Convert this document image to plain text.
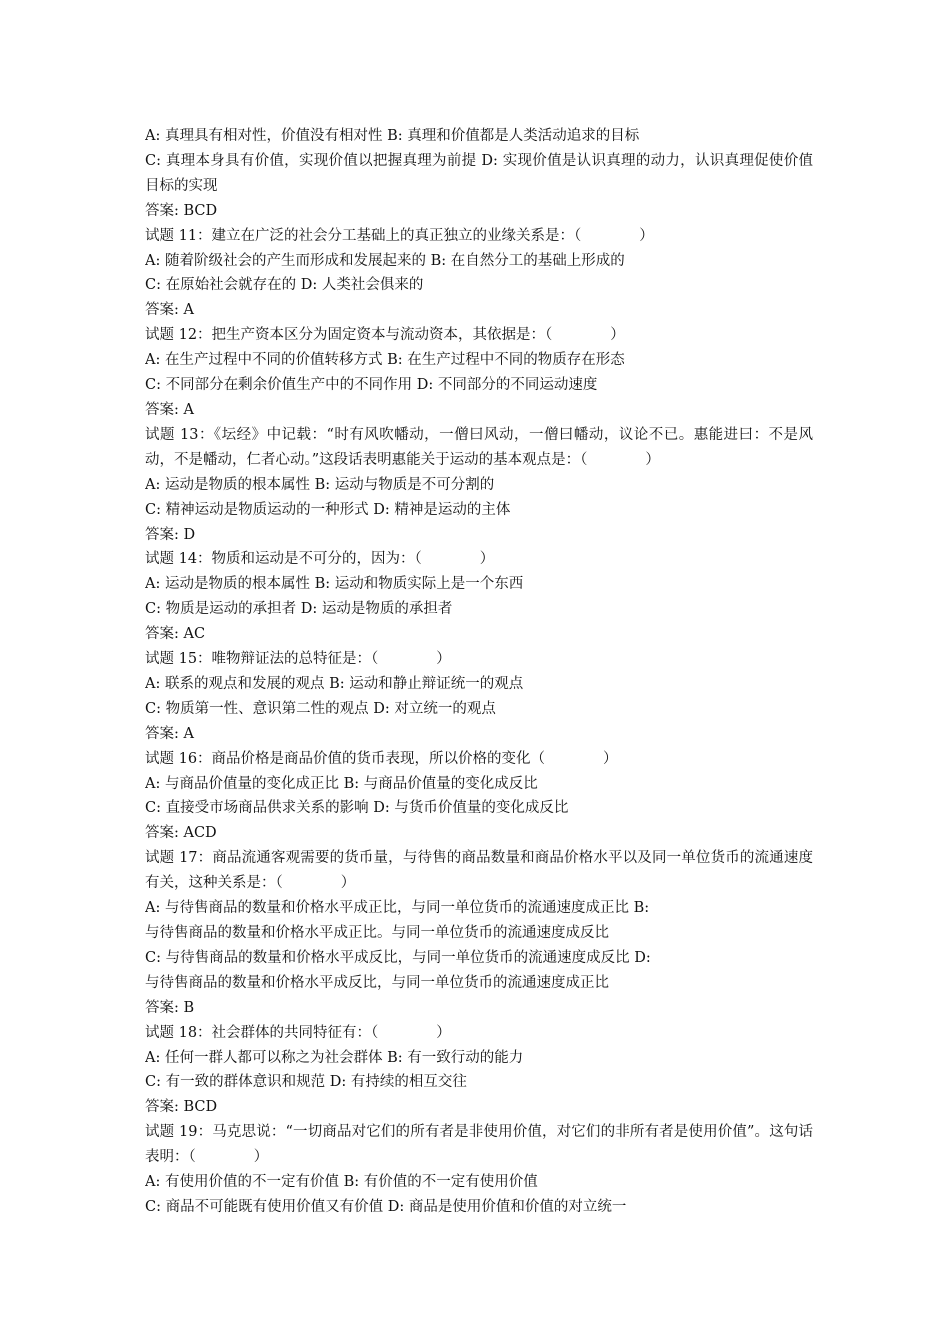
A: 真理具有相对性，价值没有相对性 B: 真理和价值都是人类活动追求的目标
C: 真理本身具有价值，实现价值以把握真理为前提 D: 实现价值是认识真理的动力，认识真理促使价值目标的实现
答案: BCD
试题 11：建立在广泛的社会分工基础上的真正独立的业缘关系是：（　　　　）
A: 随着阶级社会的产生而形成和发展起来的 B: 在自然分工的基础上形成的
C: 在原始社会就存在的 D: 人类社会俱来的
答案: A
试题 12：把生产资本区分为固定资本与流动资本，其依据是：（　　　　）
A: 在生产过程中不同的价值转移方式 B: 在生产过程中不同的物质存在形态
C: 不同部分在剩余价值生产中的不同作用 D: 不同部分的不同运动速度
答案: A
试题 13：《坛经》中记载：“时有风吹幡动，一僧曰风动，一僧曰幡动，议论不已。惠能进曰：不是风动，不是幡动，仁者心动。”这段话表明惠能关于运动的基本观点是：（　　　　）
A: 运动是物质的根本属性 B: 运动与物质是不可分割的
C: 精神运动是物质运动的一种形式 D: 精神是运动的主体
答案: D
试题 14：物质和运动是不可分的，因为：（　　　　）
A: 运动是物质的根本属性 B: 运动和物质实际上是一个东西
C: 物质是运动的承担者 D: 运动是物质的承担者
答案: AC
试题 15：唯物辩证法的总特征是：（　　　　）
A: 联系的观点和发展的观点 B: 运动和静止辩证统一的观点
C: 物质第一性、意识第二性的观点 D: 对立统一的观点
答案: A
试题 16：商品价格是商品价值的货币表现，所以价格的变化（　　　　）
A: 与商品价值量的变化成正比 B: 与商品价值量的变化成反比
C: 直接受市场商品供求关系的影响 D: 与货币价值量的变化成反比
答案: ACD
试题 17：商品流通客观需要的货币量，与待售的商品数量和商品价格水平以及同一单位货币的流通速度有关，这种关系是：（　　　　）
A: 与待售商品的数量和价格水平成正比，与同一单位货币的流通速度成正比 B:
与待售商品的数量和价格水平成正比。与同一单位货币的流通速度成反比
C: 与待售商品的数量和价格水平成反比，与同一单位货币的流通速度成反比 D:
与待售商品的数量和价格水平成反比，与同一单位货币的流通速度成正比
答案: B
试题 18：社会群体的共同特征有：（　　　　）
A: 任何一群人都可以称之为社会群体 B: 有一致行动的能力
C: 有一致的群体意识和规范 D: 有持续的相互交往
答案: BCD
试题 19：马克思说：“一切商品对它们的所有者是非使用价值，对它们的非所有者是使用价值”。这句话表明：（　　　　）
A: 有使用价值的不一定有价值 B: 有价值的不一定有使用价值
C: 商品不可能既有使用价值又有价值 D: 商品是使用价值和价值的对立统一
